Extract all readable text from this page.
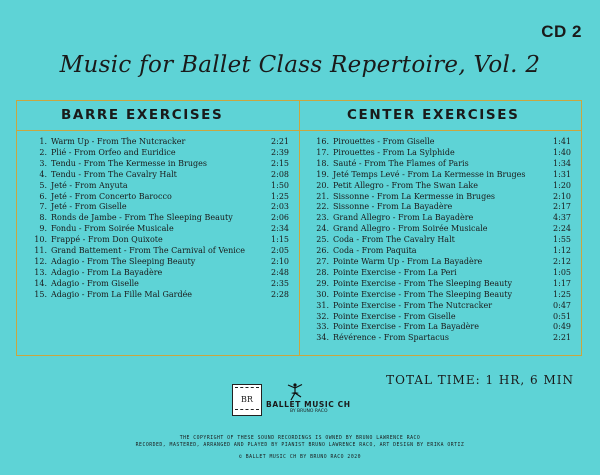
CD 2
Music for Ballet Class Repertoire, Vol. 2
BARRE EXERCISES	CENTER EXERCISES
1. Warm Up - From The Nutcracker	2:21
2. Plié - From Orfeo and Euridice	2:39
3. Tendu - From The Kermesse in Bruges	2:15
4. Tendu - From The Cavalry Halt	2:08
5. Jeté - From Anyuta	1:50
6. Jeté - From Concerto Barocco	1:25
7. Jeté - From Giselle	2:03
8. Ronds de Jambe - From The Sleeping Beauty	2:06
9. Fondu - From Soirée Musicale	2:34
10. Frappé - From Don Quixote	1:15
11. Grand Battement - From The Carnival of Venice	2:05
12. Adagio - From The Sleeping Beauty	2:10
13. Adagio - From La Bayadère	2:48
14. Adagio - From Giselle	2:35
15. Adagio - From La Fille Mal Gardée	2:28
16. Pirouettes - From Giselle	1:41
17. Pirouettes - From La Sylphide	1:40
18. Sauté - From The Flames of Paris	1:34
19. Jeté Temps Levé - From La Kermesse in Bruges	1:31
20. Petit Allegro - From The Swan Lake	1:20
21. Sissonne - From La Kermesse in Bruges	2:10
22. Sissonne - From La Bayadère	2:17
23. Grand Allegro - From La Bayadère	4:37
24. Grand Allegro - From Soirée Musicale	2:24
25. Coda - From The Cavalry Halt	1:55
26. Coda - From Paquita	1:12
27. Pointe Warm Up - From La Bayadère	2:12
28. Pointe Exercise - From La Peri	1:05
29. Pointe Exercise - From The Sleeping Beauty	1:17
30. Pointe Exercise - From The Sleeping Beauty	1:25
31. Pointe Exercise - From The Nutcracker	0:47
32. Pointe Exercise - From Giselle	0:51
33. Pointe Exercise - From La Bayadère	0:49
34. Révérence - From Spartacus	2:21
TOTAL TIME: 1 HR, 6 MIN
BR
BALLET MUSIC CH
BY BRUNO RACO
THE COPYRIGHT OF THESE SOUND RECORDINGS IS OWNED BY BRUNO LAWRENCE RACO
RECORDED, MASTERED, ARRANGED AND PLAYED BY PIANIST BRUNO LAWRENCE RACO, ART DESIGN BY ERIKA ORTIZ
© BALLET MUSIC CH BY BRUNO RACO 2020
